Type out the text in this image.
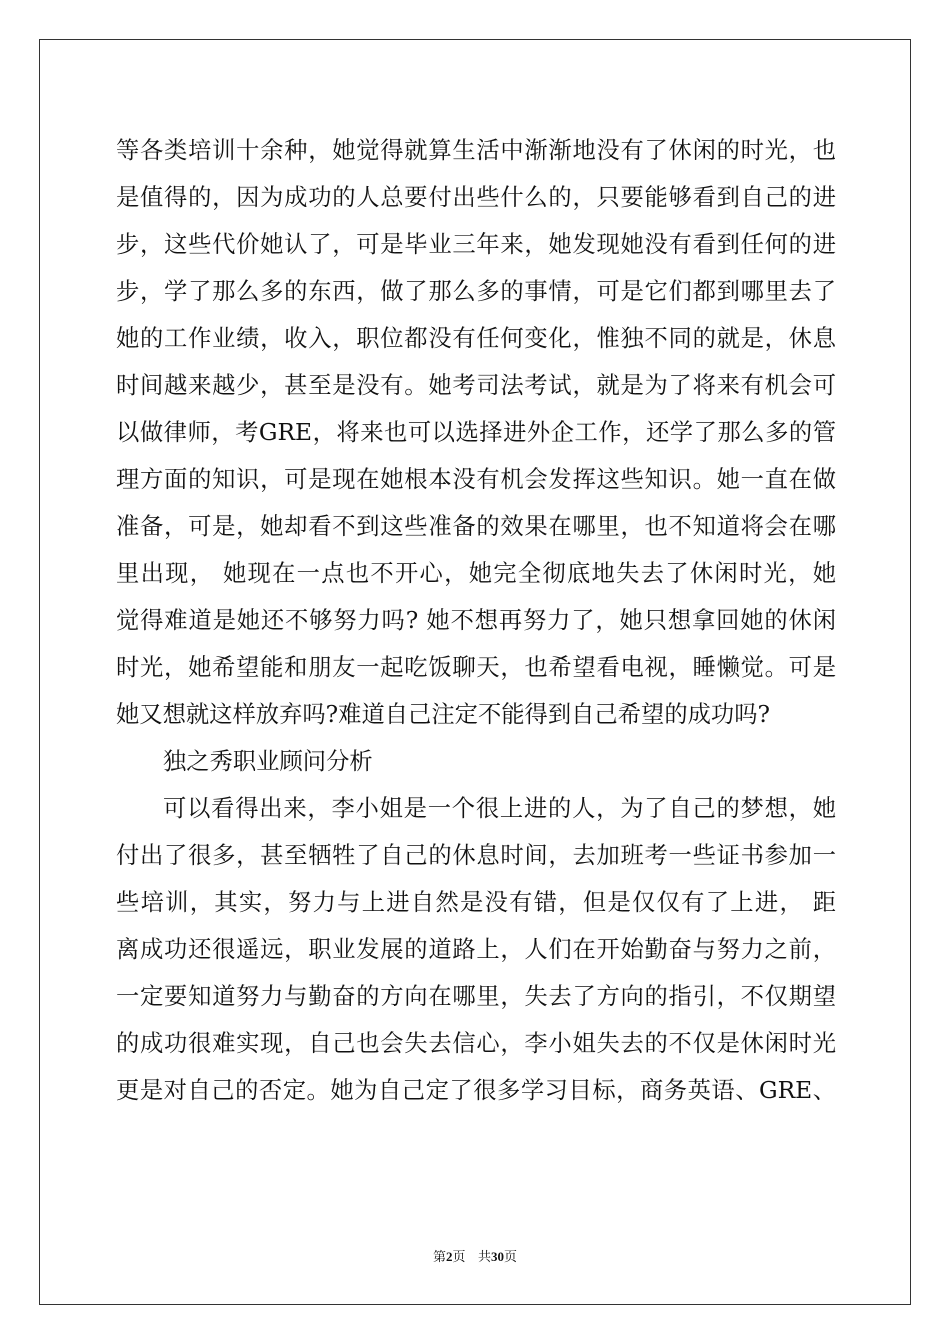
等各类培训十余种，她觉得就算生活中渐渐地没有了休闲的时光，也
是值得的，因为成功的人总要付出些什么的，只要能够看到自己的进
步，这些代价她认了，可是毕业三年来，她发现她没有看到任何的进
步，学了那么多的东西，做了那么多的事情，可是它们都到哪里去了
她的工作业绩，收入，职位都没有任何变化，惟独不同的就是，休息
时间越来越少，甚至是没有。她考司法考试，就是为了将来有机会可
以做律师，考GRE，将来也可以选择进外企工作，还学了那么多的管
理方面的知识，可是现在她根本没有机会发挥这些知识。她一直在做
准备，可是，她却看不到这些准备的效果在哪里，也不知道将会在哪
里出现， 她现在一点也不开心，她完全彻底地失去了休闲时光，她
觉得难道是她还不够努力吗? 她不想再努力了，她只想拿回她的休闲
时光，她希望能和朋友一起吃饭聊天，也希望看电视，睡懒觉。可是
她又想就这样放弃吗?难道自己注定不能得到自己希望的成功吗?
独之秀职业顾问分析
可以看得出来，李小姐是一个很上进的人，为了自己的梦想，她
付出了很多，甚至牺牲了自己的休息时间，去加班考一些证书参加一
些培训，其实，努力与上进自然是没有错，但是仅仅有了上进， 距
离成功还很遥远，职业发展的道路上，人们在开始勤奋与努力之前，
一定要知道努力与勤奋的方向在哪里，失去了方向的指引，不仅期望
的成功很难实现，自己也会失去信心，李小姐失去的不仅是休闲时光
更是对自己的否定。她为自己定了很多学习目标，商务英语、GRE、
第2页   共30页
